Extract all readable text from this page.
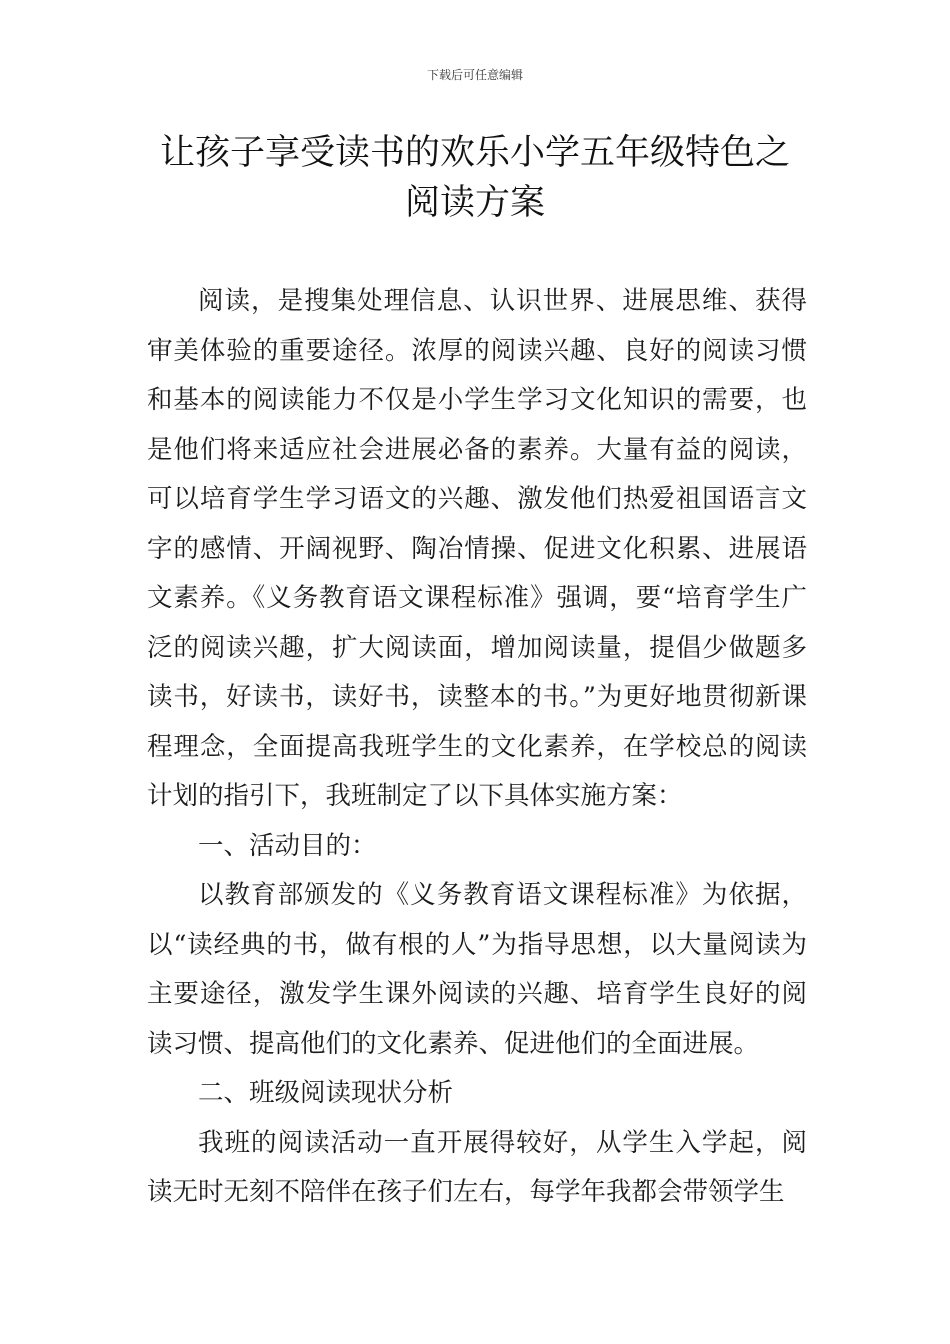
下载后可任意编辑
让孩子享受读书的欢乐小学五年级特色之
阅读方案

阅读，是搜集处理信息、认识世界、进展思维、获得审美体验的重要途径。浓厚的阅读兴趣、良好的阅读习惯和基本的阅读能力不仅是小学生学习文化知识的需要，也是他们将来适应社会进展必备的素养。大量有益的阅读，可以培育学生学习语文的兴趣、激发他们热爱祖国语言文字的感情、开阔视野、陶冶情操、促进文化积累、进展语文素养。《义务教育语文课程标准》强调，要“培育学生广泛的阅读兴趣，扩大阅读面，增加阅读量，提倡少做题多读书，好读书，读好书，读整本的书。”为更好地贯彻新课程理念，全面提高我班学生的文化素养，在学校总的阅读计划的指引下，我班制定了以下具体实施方案：

一、活动目的：

以教育部颁发的《义务教育语文课程标准》为依据，以“读经典的书，做有根的人”为指导思想，以大量阅读为主要途径，激发学生课外阅读的兴趣、培育学生良好的阅读习惯、提高他们的文化素养、促进他们的全面进展。

二、班级阅读现状分析

我班的阅读活动一直开展得较好，从学生入学起，阅读无时无刻不陪伴在孩子们左右，每学年我都会带领学生
